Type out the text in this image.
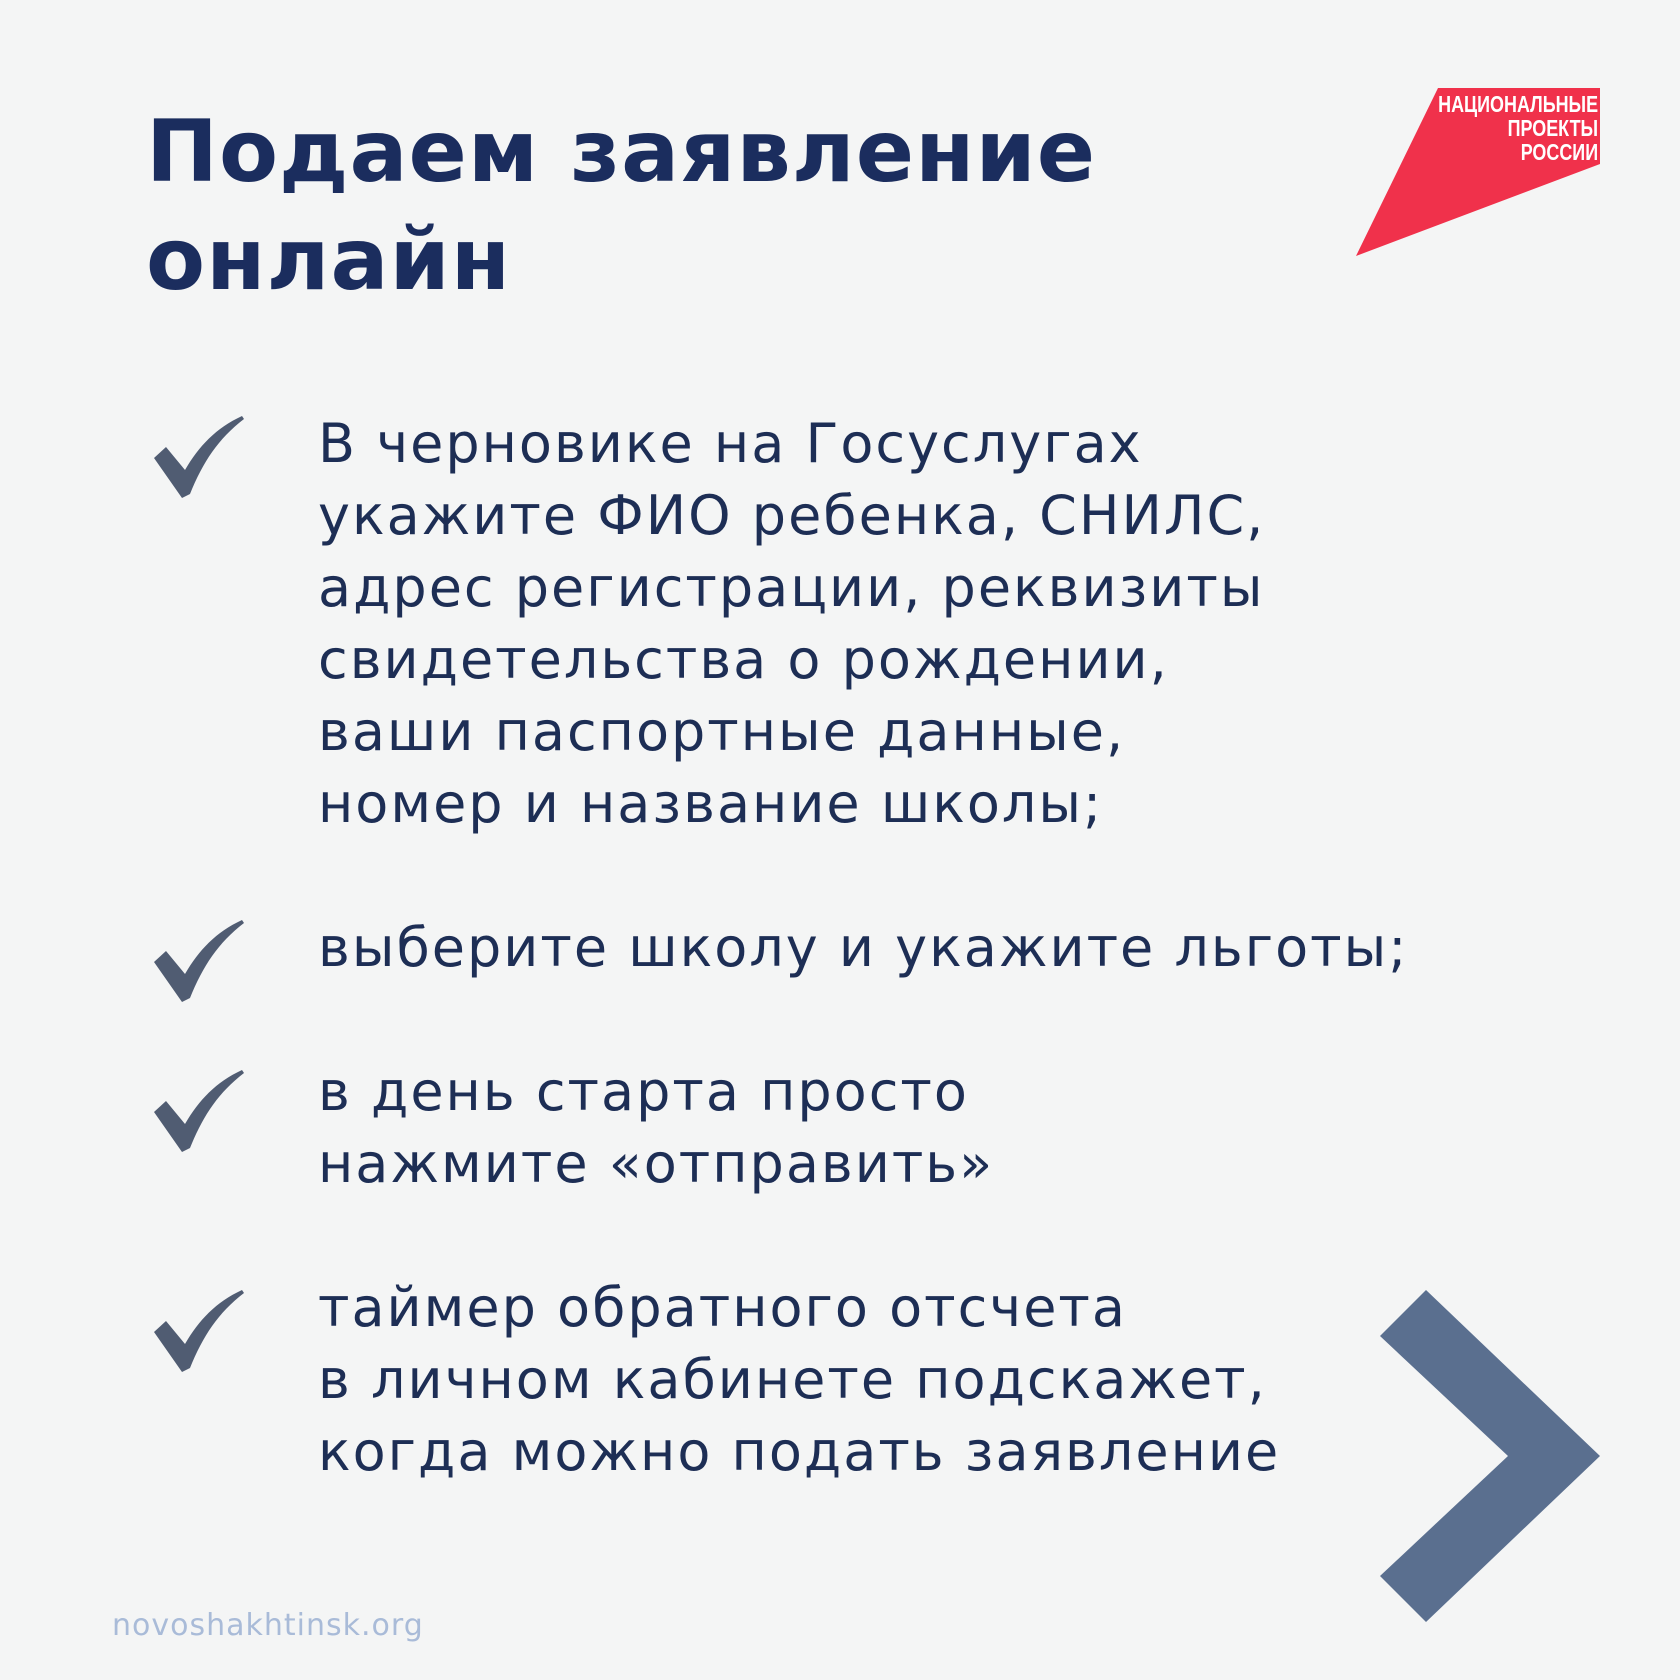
Подаем заявление
онлайн
НАЦИОНАЛЬНЫЕ
ПРОЕКТЫ
РОССИИ

В черновике на Госуслугах
укажите ФИО ребенка, СНИЛС,
адрес регистрации, реквизиты
свидетельства о рождении,
ваши паспортные данные,
номер и название школы;

выберите школу и укажите льготы;

в день старта просто
нажмите «отправить»

таймер обратного отсчета
в личном кабинете подскажет,
когда можно подать заявление

novoshakhtinsk.org
